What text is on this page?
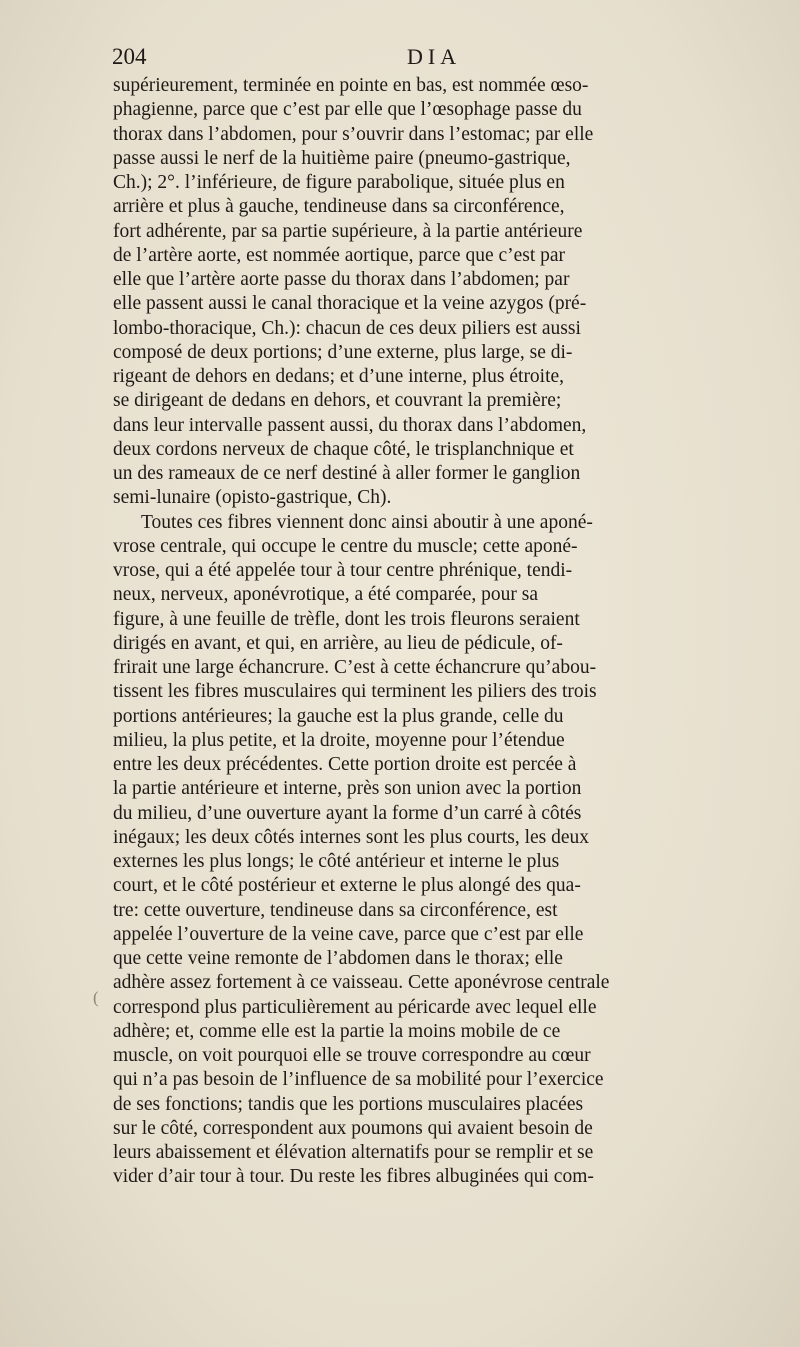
204	DIA
(
supérieurement, terminée en pointe en bas, est nommée œso-
phagienne, parce que c’est par elle que l’œsophage passe du
thorax dans l’abdomen, pour s’ouvrir dans l’estomac; par elle
passe aussi le nerf de la huitième paire (pneumo-gastrique,
Ch.); 2°. l’inférieure, de figure parabolique, située plus en
arrière et plus à gauche, tendineuse dans sa circonférence,
fort adhérente, par sa partie supérieure, à la partie antérieure
de l’artère aorte, est nommée aortique, parce que c’est par
elle que l’artère aorte passe du thorax dans l’abdomen; par
elle passent aussi le canal thoracique et la veine azygos (pré-
lombo-thoracique, Ch.): chacun de ces deux piliers est aussi
composé de deux portions; d’une externe, plus large, se di-
rigeant de dehors en dedans; et d’une interne, plus étroite,
se dirigeant de dedans en dehors, et couvrant la première;
dans leur intervalle passent aussi, du thorax dans l’abdomen,
deux cordons nerveux de chaque côté, le trisplanchnique et
un des rameaux de ce nerf destiné à aller former le ganglion
semi-lunaire (opisto-gastrique, Ch).
Toutes ces fibres viennent donc ainsi aboutir à une aponé-
vrose centrale, qui occupe le centre du muscle; cette aponé-
vrose, qui a été appelée tour à tour centre phrénique, tendi-
neux, nerveux, aponévrotique, a été comparée, pour sa
figure, à une feuille de trèfle, dont les trois fleurons seraient
dirigés en avant, et qui, en arrière, au lieu de pédicule, of-
frirait une large échancrure. C’est à cette échancrure qu’abou-
tissent les fibres musculaires qui terminent les piliers des trois
portions antérieures; la gauche est la plus grande, celle du
milieu, la plus petite, et la droite, moyenne pour l’étendue
entre les deux précédentes. Cette portion droite est percée à
la partie antérieure et interne, près son union avec la portion
du milieu, d’une ouverture ayant la forme d’un carré à côtés
inégaux; les deux côtés internes sont les plus courts, les deux
externes les plus longs; le côté antérieur et interne le plus
court, et le côté postérieur et externe le plus alongé des qua-
tre: cette ouverture, tendineuse dans sa circonférence, est
appelée l’ouverture de la veine cave, parce que c’est par elle
que cette veine remonte de l’abdomen dans le thorax; elle
adhère assez fortement à ce vaisseau. Cette aponévrose centrale
correspond plus particulièrement au péricarde avec lequel elle
adhère; et, comme elle est la partie la moins mobile de ce
muscle, on voit pourquoi elle se trouve correspondre au cœur
qui n’a pas besoin de l’influence de sa mobilité pour l’exercice
de ses fonctions; tandis que les portions musculaires placées
sur le côté, correspondent aux poumons qui avaient besoin de
leurs abaissement et élévation alternatifs pour se remplir et se
vider d’air tour à tour. Du reste les fibres albuginées qui com-
